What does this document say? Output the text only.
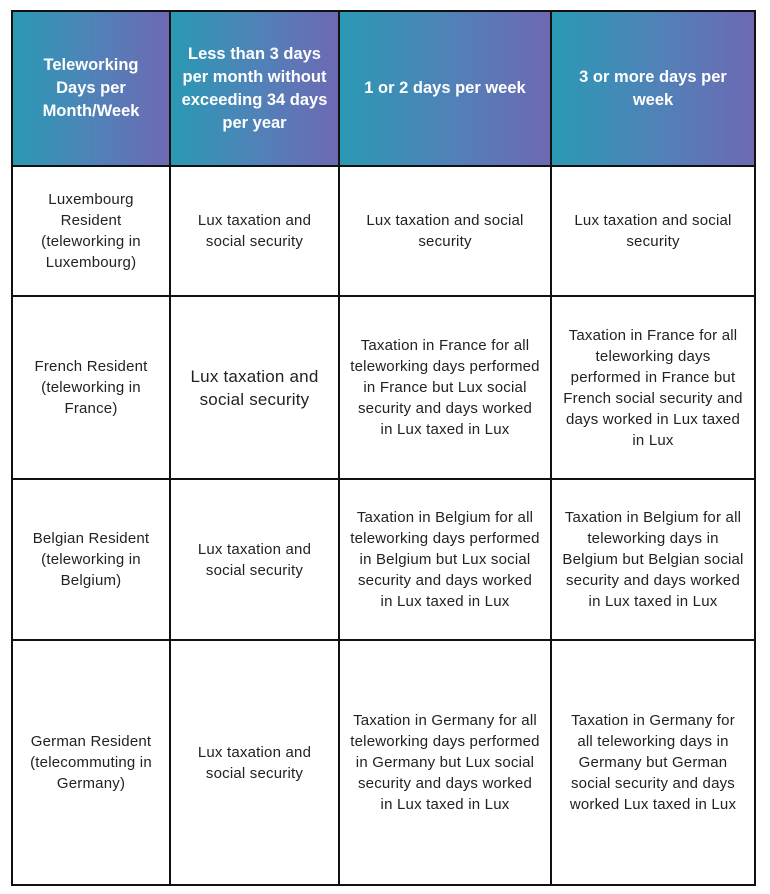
Teleworking Days per Month/Week	Less than 3 days per month without exceeding 34 days per year	1 or 2 days per week	3 or more days per week
Luxembourg Resident (teleworking in Luxembourg)	Lux taxation and social security	Lux taxation and social security	Lux taxation and social security
French Resident (teleworking in France)	Lux taxation and social security	Taxation in France for all teleworking days performed in France but Lux social security and days worked in Lux taxed in Lux	Taxation in France for all teleworking days performed in France but French social security and days worked in Lux taxed in Lux
Belgian Resident (teleworking in Belgium)	Lux taxation and social security	Taxation in Belgium for all teleworking days performed in Belgium but Lux social security and days worked in Lux taxed in Lux	Taxation in Belgium for all teleworking days in Belgium but Belgian social security and days worked in Lux taxed in Lux
German Resident (telecommuting in Germany)	Lux taxation and social security	Taxation in Germany for all teleworking days performed in Germany but Lux social security and days worked in Lux taxed in Lux	Taxation in Germany for all teleworking days in Germany but German social security and days worked Lux taxed in Lux
